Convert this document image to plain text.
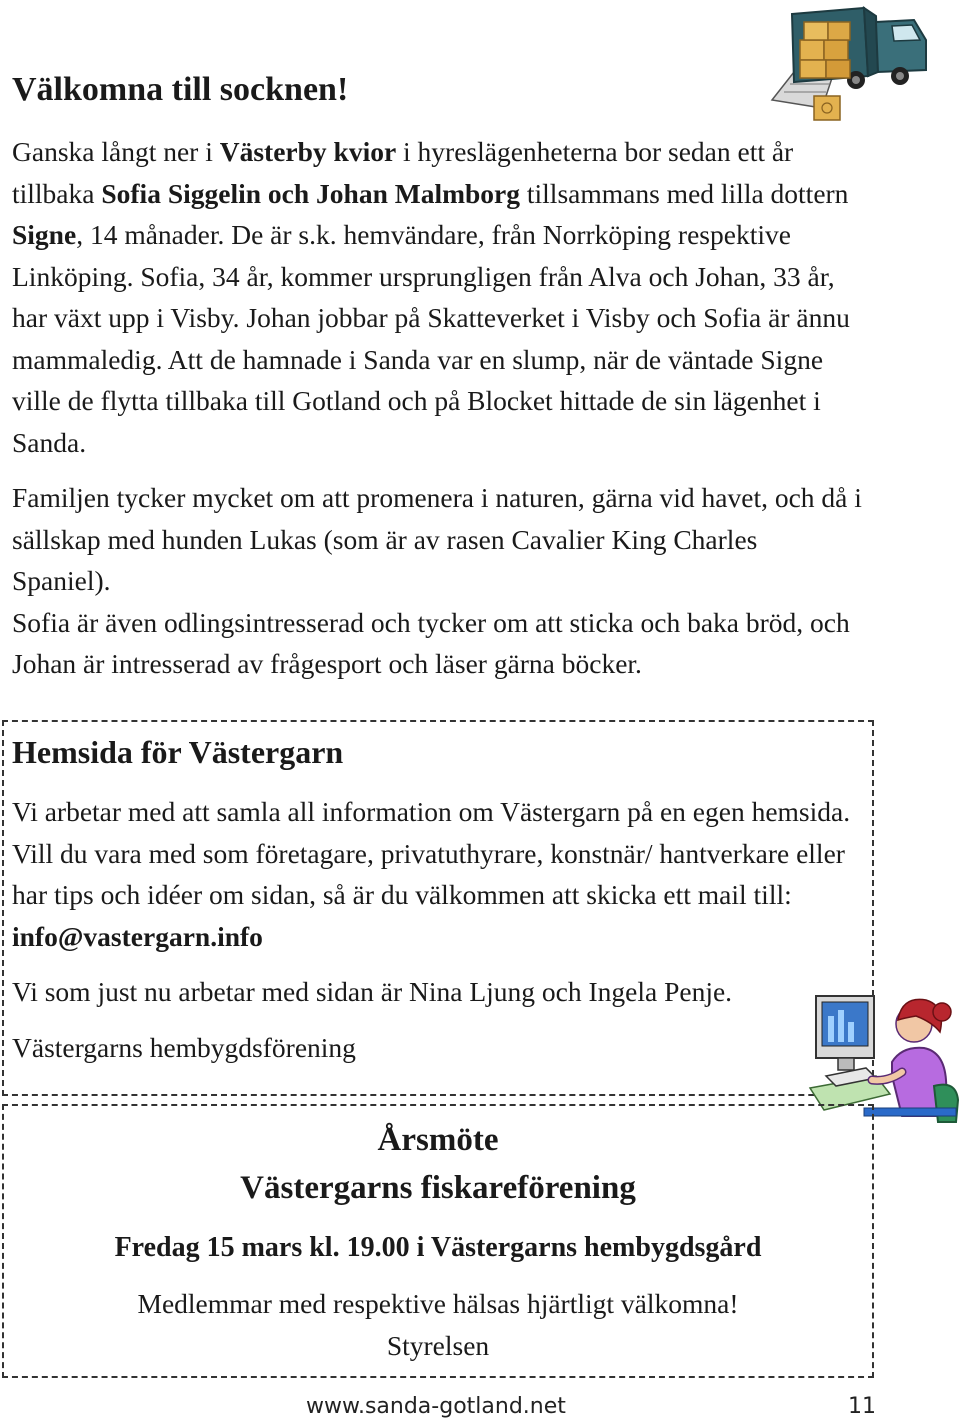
Välkomna till socknen!

Ganska långt ner i Västerby kvior i hyreslägenheterna bor sedan ett år tillbaka Sofia Siggelin och Johan Malmborg tillsammans med lilla dottern Signe, 14 månader. De är s.k. hemvändare, från Norrköping respektive Linköping. Sofia, 34 år, kommer ursprungligen från Alva och Johan, 33 år, har växt upp i Visby. Johan jobbar på Skatteverket i Visby och Sofia är ännu mammaledig. Att de hamnade i Sanda var en slump, när de väntade Signe ville de flytta tillbaka till Gotland och på Blocket hittade de sin lägenhet i Sanda.

Familjen tycker mycket om att promenera i naturen, gärna vid havet, och då i sällskap med hunden Lukas (som är av rasen Cavalier King Charles Spaniel).

Sofia är även odlingsintresserad och tycker om att sticka och baka bröd, och Johan är intresserad av frågesport och läser gärna böcker.

Hemsida för Västergarn

Vi arbetar med att samla all information om Västergarn på en egen hemsida. Vill du vara med som företagare, privatuthyrare, konstnär/ hantverkare eller har tips och idéer om sidan, så är du välkommen att skicka ett mail till: info@vastergarn.info

Vi som just nu arbetar med sidan är Nina Ljung och Ingela Penje.

Västergarns hembygdsförening

Årsmöte

Västergarns fiskareförening

Fredag 15 mars kl. 19.00 i Västergarns hembygdsgård

Medlemmar med respektive hälsas hjärtligt välkomna!

Styrelsen

www.sanda-gotland.net	11
